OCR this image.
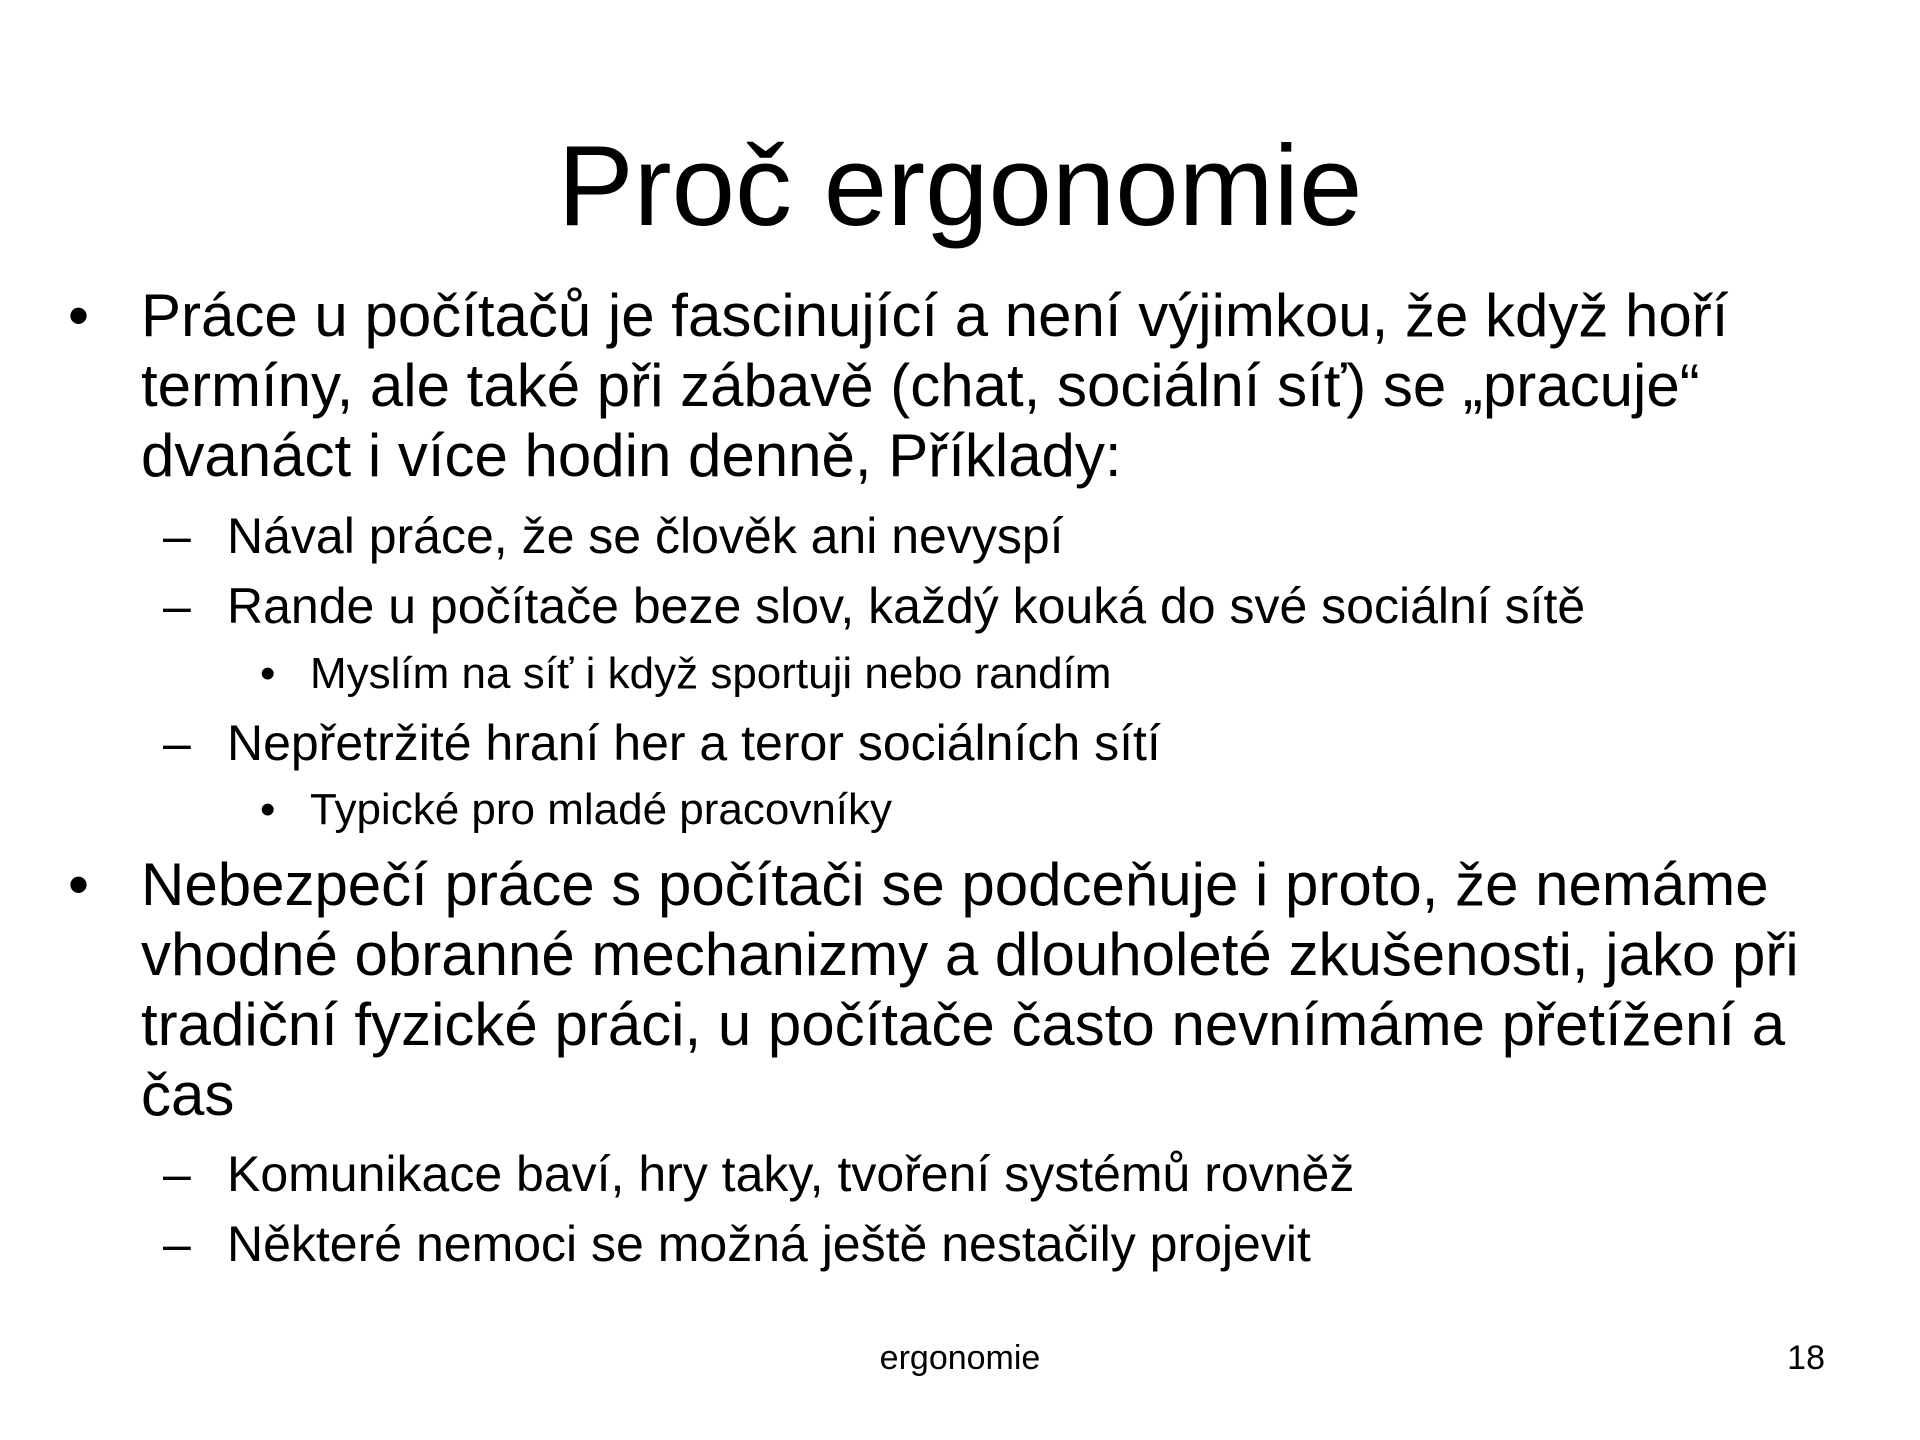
Proč ergonomie
• Práce u počítačů je fascinující a není výjimkou, že když hoří termíny, ale také při zábavě (chat, sociální síť) se „pracuje“ dvanáct i více hodin denně, Příklady:
– Nával práce, že se člověk ani nevyspí
– Rande u počítače beze slov, každý kouká do své sociální sítě
• Myslím na síť i když sportuji nebo randím
– Nepřetržité hraní her a teror sociálních sítí
• Typické pro mladé pracovníky
• Nebezpečí práce s počítači se podceňuje i proto, že nemáme vhodné obranné mechanizmy a dlouholeté zkušenosti, jako při tradiční fyzické práci, u počítače často nevnímáme přetížení a čas
– Komunikace baví, hry taky, tvoření systémů rovněž
– Některé nemoci se možná ještě nestačily projevit
ergonomie	18
